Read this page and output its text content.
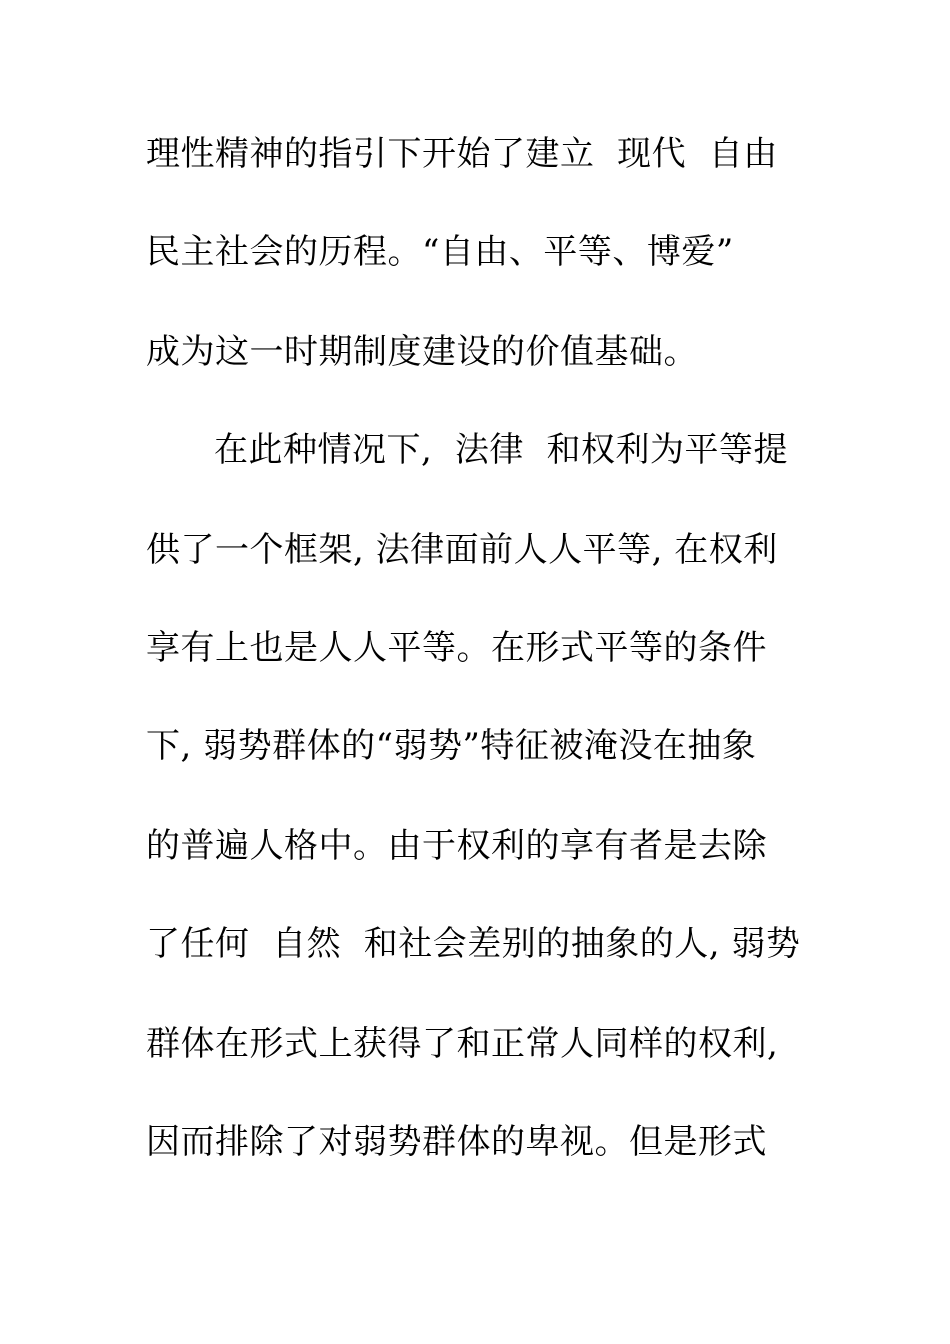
理性精神的指引下开始了建立  现代  自由
民主社会的历程。“自由、平等、博爱”
成为这一时期制度建设的价值基础。
在此种情况下,  法律  和权利为平等提
供了一个框架, 法律面前人人平等, 在权利
享有上也是人人平等。在形式平等的条件
下, 弱势群体的“弱势”特征被淹没在抽象
的普遍人格中。由于权利的享有者是去除
了任何  自然  和社会差别的抽象的人, 弱势
群体在形式上获得了和正常人同样的权利,
因而排除了对弱势群体的卑视。但是形式
